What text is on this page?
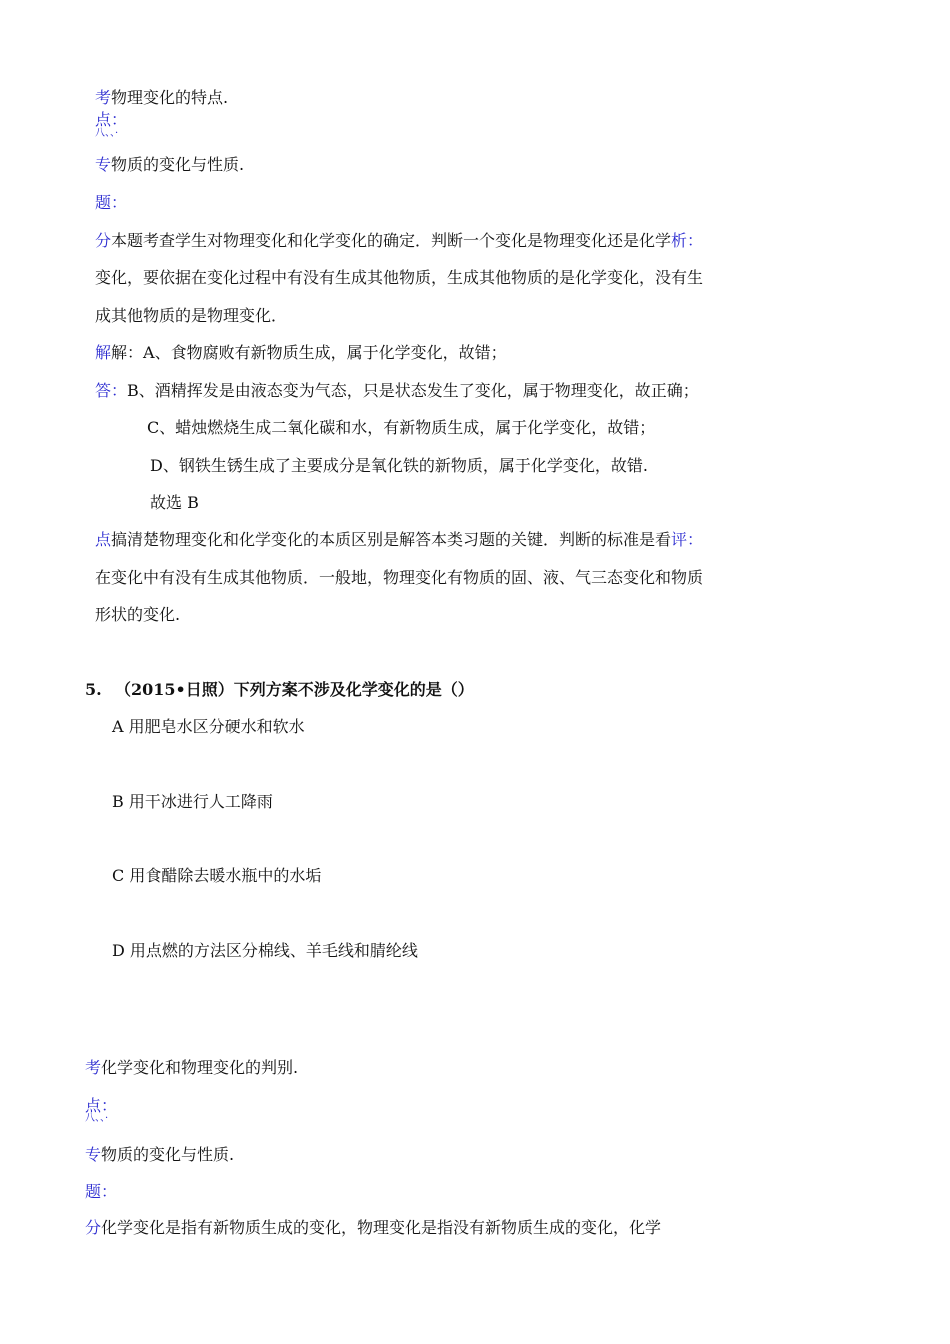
考物理变化的特点.
点：
八、、·
专物质的变化与性质.
题：
分本题考查学生对物理变化和化学变化的确定．判断一个变化是物理变化还是化学析：
变化，要依据在变化过程中有没有生成其他物质，生成其他物质的是化学变化，没有生
成其他物质的是物理变化．
解解：A、食物腐败有新物质生成，属于化学变化，故错；
答：B、酒精挥发是由液态变为气态，只是状态发生了变化，属于物理变化，故正确；
C、蜡烛燃烧生成二氧化碳和水，有新物质生成，属于化学变化，故错；
D、钢铁生锈生成了主要成分是氧化铁的新物质，属于化学变化，故错.
故选 B
点搞清楚物理变化和化学变化的本质区别是解答本类习题的关键．判断的标准是看评：
在变化中有没有生成其他物质．一般地，物理变化有物质的固、液、气三态变化和物质
形状的变化.
5. （2015•日照）下列方案不涉及化学变化的是（）
A 用肥皂水区分硬水和软水
B 用干冰进行人工降雨
C 用食醋除去暖水瓶中的水垢
D 用点燃的方法区分棉线、羊毛线和腈纶线
考化学变化和物理变化的判别.
点：
八、、·
专物质的变化与性质.
题：
分化学变化是指有新物质生成的变化，物理变化是指没有新物质生成的变化，化学
